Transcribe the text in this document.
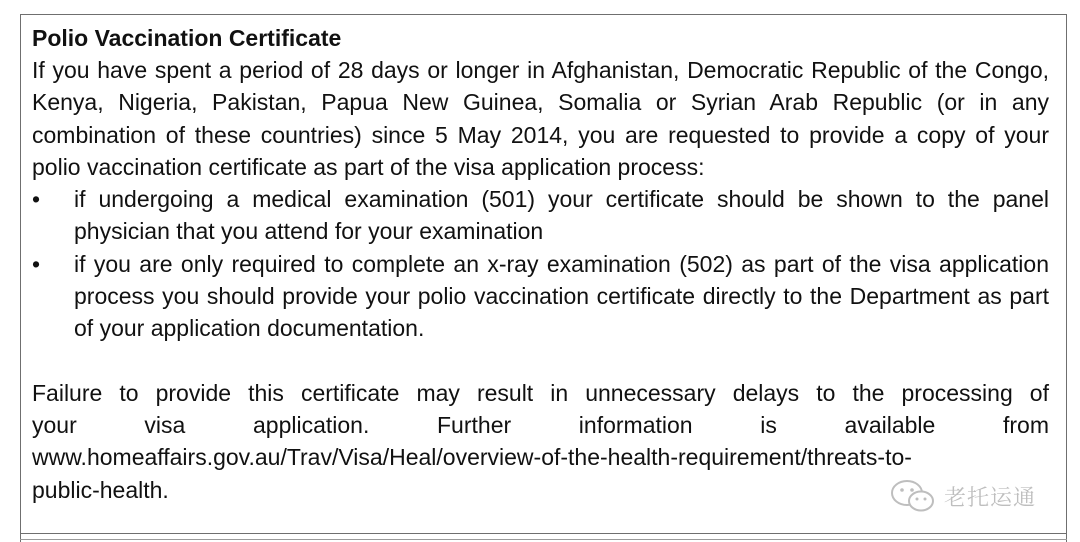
Polio Vaccination Certificate

If you have spent a period of 28 days or longer in Afghanistan, Democratic Republic of the Congo, Kenya, Nigeria, Pakistan, Papua New Guinea, Somalia or Syrian Arab Republic (or in any combination of these countries) since 5 May 2014, you are requested to provide a copy of your polio vaccination certificate as part of the visa application process:

•	if undergoing a medical examination (501) your certificate should be shown to the panel physician that you attend for your examination
•	if you are only required to complete an x-ray examination (502) as part of the visa application process you should provide your polio vaccination certificate directly to the Department as part of your application documentation.
Failure to provide this certificate may result in unnecessary delays to the processing of
your visa application. Further information is available from
www.homeaffairs.gov.au/Trav/Visa/Heal/overview-of-the-health-requirement/threats-to-
public-health.	老托运通
